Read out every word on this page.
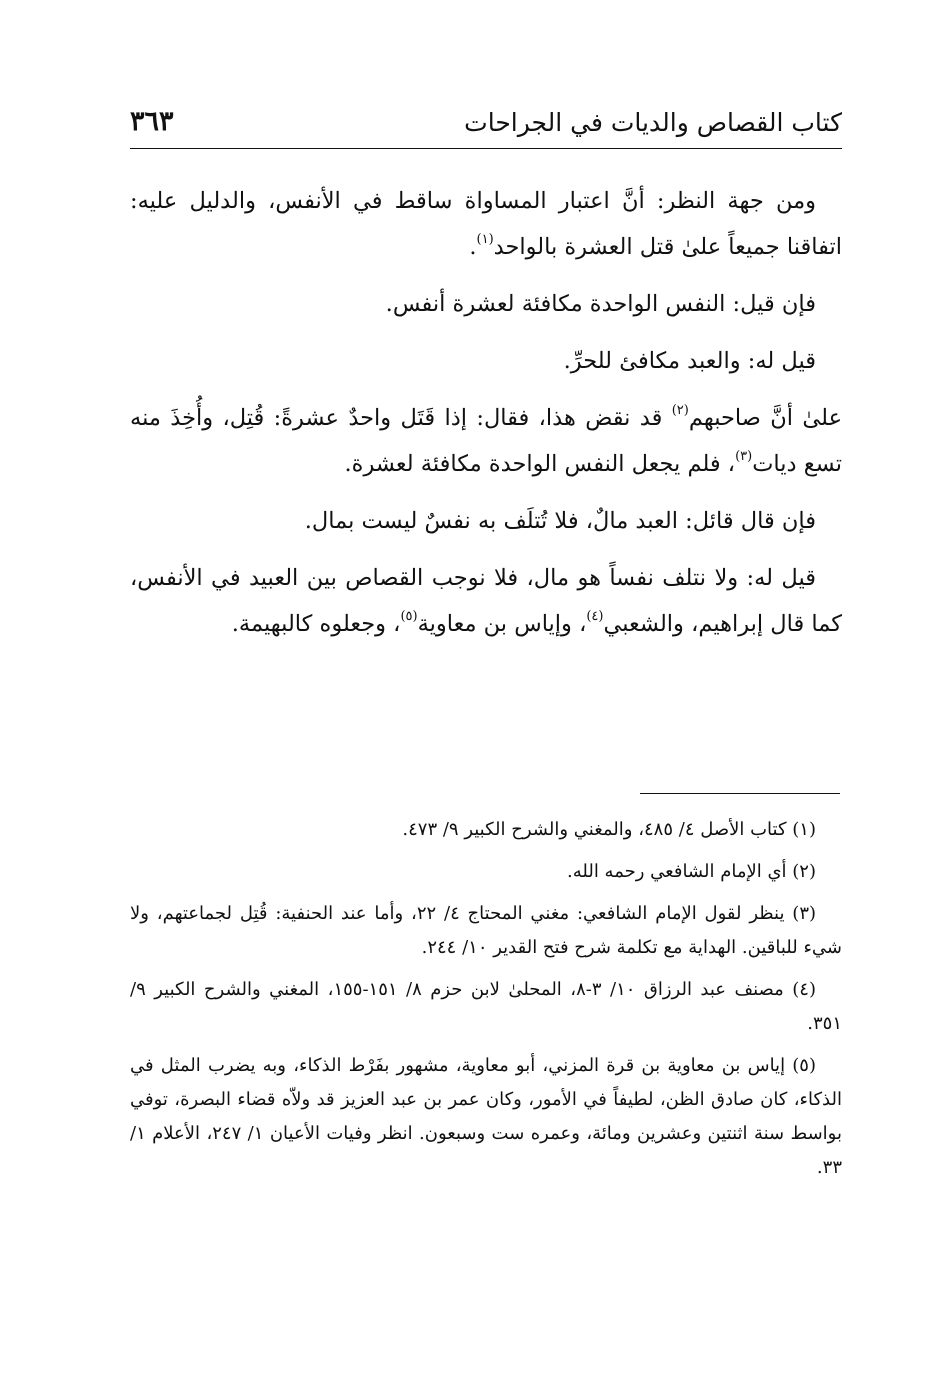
كتاب القصاص والديات في الجراحات
٣٦٣

ومن جهة النظر: أنَّ اعتبار المساواة ساقط في الأنفس، والدليل عليه: اتفاقنا جميعاً علىٰ قتل العشرة بالواحد$^{(١)}$.

فإن قيل: النفس الواحدة مكافئة لعشرة أنفس.

قيل له: والعبد مكافئ للحرِّ.

علىٰ أنَّ صاحبهم$^{(٢)}$ قد نقض هذا، فقال: إذا قَتَل واحدٌ عشرةً: قُتِل، وأُخِذَ منه تسع ديات$^{(٣)}$، فلم يجعل النفس الواحدة مكافئة لعشرة.

فإن قال قائل: العبد مالٌ، فلا تُتلَف به نفسٌ ليست بمال.

قيل له: ولا نتلف نفساً هو مال، فلا نوجب القصاص بين العبيد في الأنفس، كما قال إبراهيم، والشعبي$^{(٤)}$، وإياس بن معاوية$^{(٥)}$، وجعلوه كالبهيمة.

(١) كتاب الأصل ٤/ ٤٨٥، والمغني والشرح الكبير ٩/ ٤٧٣.

(٢) أي الإمام الشافعي رحمه الله.

(٣) ينظر لقول الإمام الشافعي: مغني المحتاج ٤/ ٢٢، وأما عند الحنفية: قُتِل لجماعتهم، ولا شيء للباقين. الهداية مع تكلمة شرح فتح القدير ١٠/ ٢٤٤.

(٤) مصنف عبد الرزاق ١٠/ ٣-٨، المحلىٰ لابن حزم ٨/ ١٥١-١٥٥، المغني والشرح الكبير ٩/ ٣٥١.

(٥) إياس بن معاوية بن قرة المزني، أبو معاوية، مشهور بفَرْط الذكاء، وبه يضرب المثل في الذكاء، كان صادق الظن، لطيفاً في الأمور، وكان عمر بن عبد العزيز قد ولاّه قضاء البصرة، توفي بواسط سنة اثنتين وعشرين ومائة، وعمره ست وسبعون. انظر وفيات الأعيان ١/ ٢٤٧، الأعلام ١/ ٣٣.
